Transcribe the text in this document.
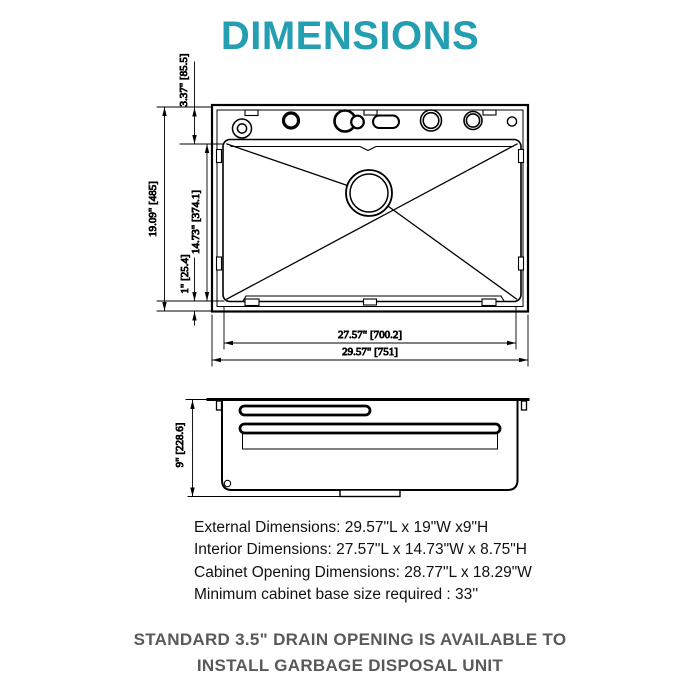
DIMENSIONS
19.09" [485]
3.37" [85.5]
14.73" [374.1]
1" [25.4]
27.57" [700.2]
29.57" [751]
9" [228.6]
External Dimensions: 29.57"L x 19"W x9"H
Interior Dimensions: 27.57"L x 14.73"W x 8.75"H
Cabinet Opening Dimensions: 28.77"L x 18.29"W
Minimum cabinet base size required : 33''
STANDARD 3.5" DRAIN OPENING IS AVAILABLE TO
INSTALL GARBAGE DISPOSAL UNIT
